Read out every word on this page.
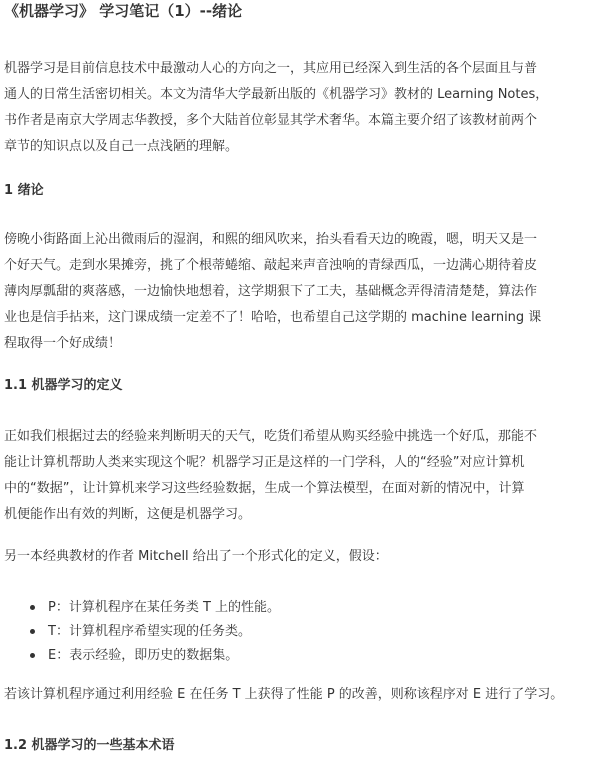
《机器学习》 学习笔记（1）--绪论
机器学习是目前信息技术中最激动人心的方向之一，其应用已经深入到生活的各个层面且与普
通人的日常生活密切相关。本文为清华大学最新出版的《机器学习》教材的 Learning Notes，
书作者是南京大学周志华教授，多个大陆首位彰显其学术奢华。本篇主要介绍了该教材前两个
章节的知识点以及自己一点浅陋的理解。
1 绪论
傍晚小街路面上沁出微雨后的湿润，和熙的细风吹来，抬头看看天边的晚霞，嗯，明天又是一
个好天气。走到水果摊旁，挑了个根蒂蜷缩、敲起来声音浊响的青绿西瓜，一边满心期待着皮
薄肉厚瓢甜的爽落感，一边愉快地想着，这学期狠下了工夫，基础概念弄得清清楚楚，算法作
业也是信手拈来，这门课成绩一定差不了！哈哈，也希望自己这学期的 machine learning 课
程取得一个好成绩！
1.1 机器学习的定义
正如我们根据过去的经验来判断明天的天气，吃货们希望从购买经验中挑选一个好瓜，那能不
能让计算机帮助人类来实现这个呢？机器学习正是这样的一门学科，人的“经验”对应计算机
中的“数据”，让计算机来学习这些经验数据，生成一个算法模型，在面对新的情况中，计算
机便能作出有效的判断，这便是机器学习。
另一本经典教材的作者 Mitchell 给出了一个形式化的定义，假设：
P：计算机程序在某任务类 T 上的性能。
T：计算机程序希望实现的任务类。
E：表示经验，即历史的数据集。
若该计算机程序通过利用经验 E 在任务 T 上获得了性能 P 的改善，则称该程序对 E 进行了学习。
1.2 机器学习的一些基本术语
